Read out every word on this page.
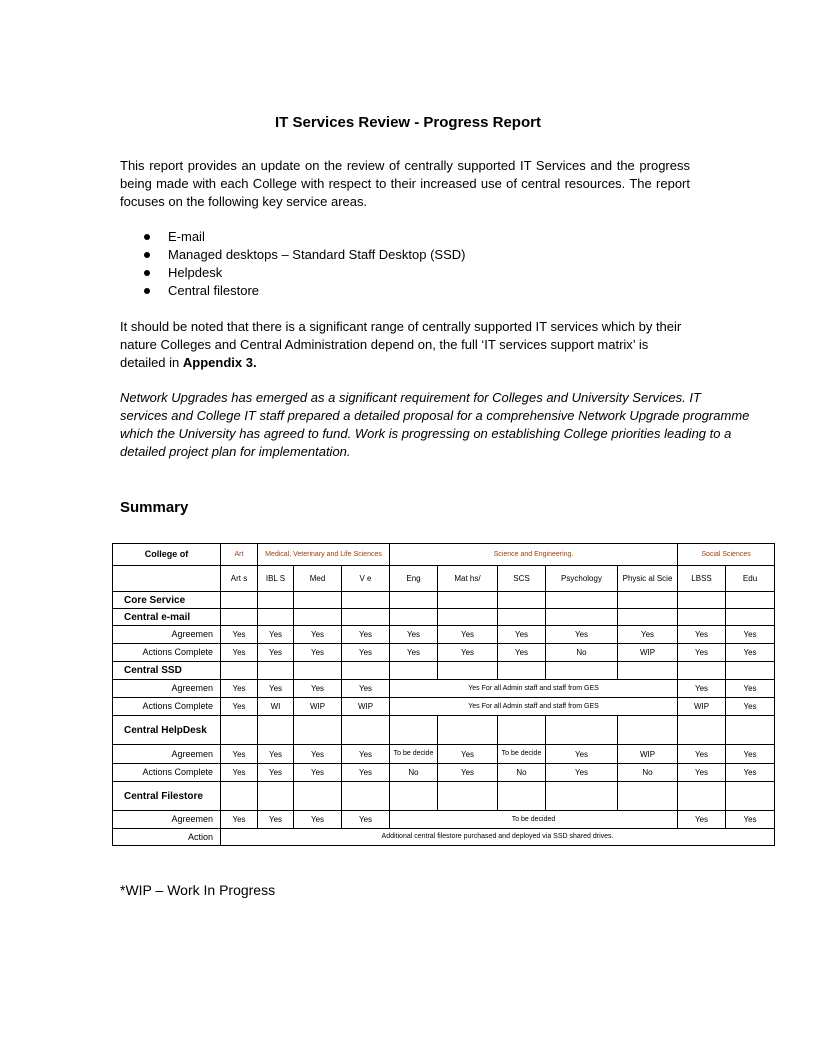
IT Services Review - Progress Report

This report provides an update on the review of centrally supported IT Services and the progress being made with each College with respect to their increased use of central resources. The report focuses on the following key service areas.

E-mail
Managed desktops – Standard Staff Desktop (SSD)
Helpdesk
Central filestore

It should be noted that there is a significant range of centrally supported IT services which by their nature Colleges and Central Administration depend on, the full ‘IT services support matrix’ is detailed in Appendix 3.

Network Upgrades has emerged as a significant requirement for Colleges and University Services. IT services and College IT staff prepared a detailed proposal for a comprehensive Network Upgrade programme which the University has agreed to fund. Work is progressing on establishing College priorities leading to a detailed project plan for implementation.

Summary
College of	Art	Medical, Veterinary and Life Sciences			Science and Engineering.					Social Sciences	
	Art s	IBL S	Med	V e	Eng	Mat hs/	SCS	Psychology	Physic al Scie	LBSS	Edu
Core Service											
Central e-mail											
Agreemen	Yes	Yes	Yes	Yes	Yes	Yes	Yes	Yes	Yes	Yes	Yes
Actions Complete	Yes	Yes	Yes	Yes	Yes	Yes	Yes	No	WIP	Yes	Yes
Central SSD											
Agreemen	Yes	Yes	Yes	Yes	Yes For all Admin staff and staff from GES					Yes	Yes
Actions Complete	Yes	WI	WIP	WIP	Yes For all Admin staff and staff from GES					WIP	Yes
Central HelpDesk											
Agreemen	Yes	Yes	Yes	Yes	To be decide	Yes	To be decide	Yes	WIP	Yes	Yes
Actions Complete	Yes	Yes	Yes	Yes	No	Yes	No	Yes	No	Yes	Yes
Central Filestore											
Agreemen	Yes	Yes	Yes	Yes	To be decided					Yes	Yes
Action	Additional central filestore purchased and deployed via SSD shared drives.										
*WIP – Work In Progress
